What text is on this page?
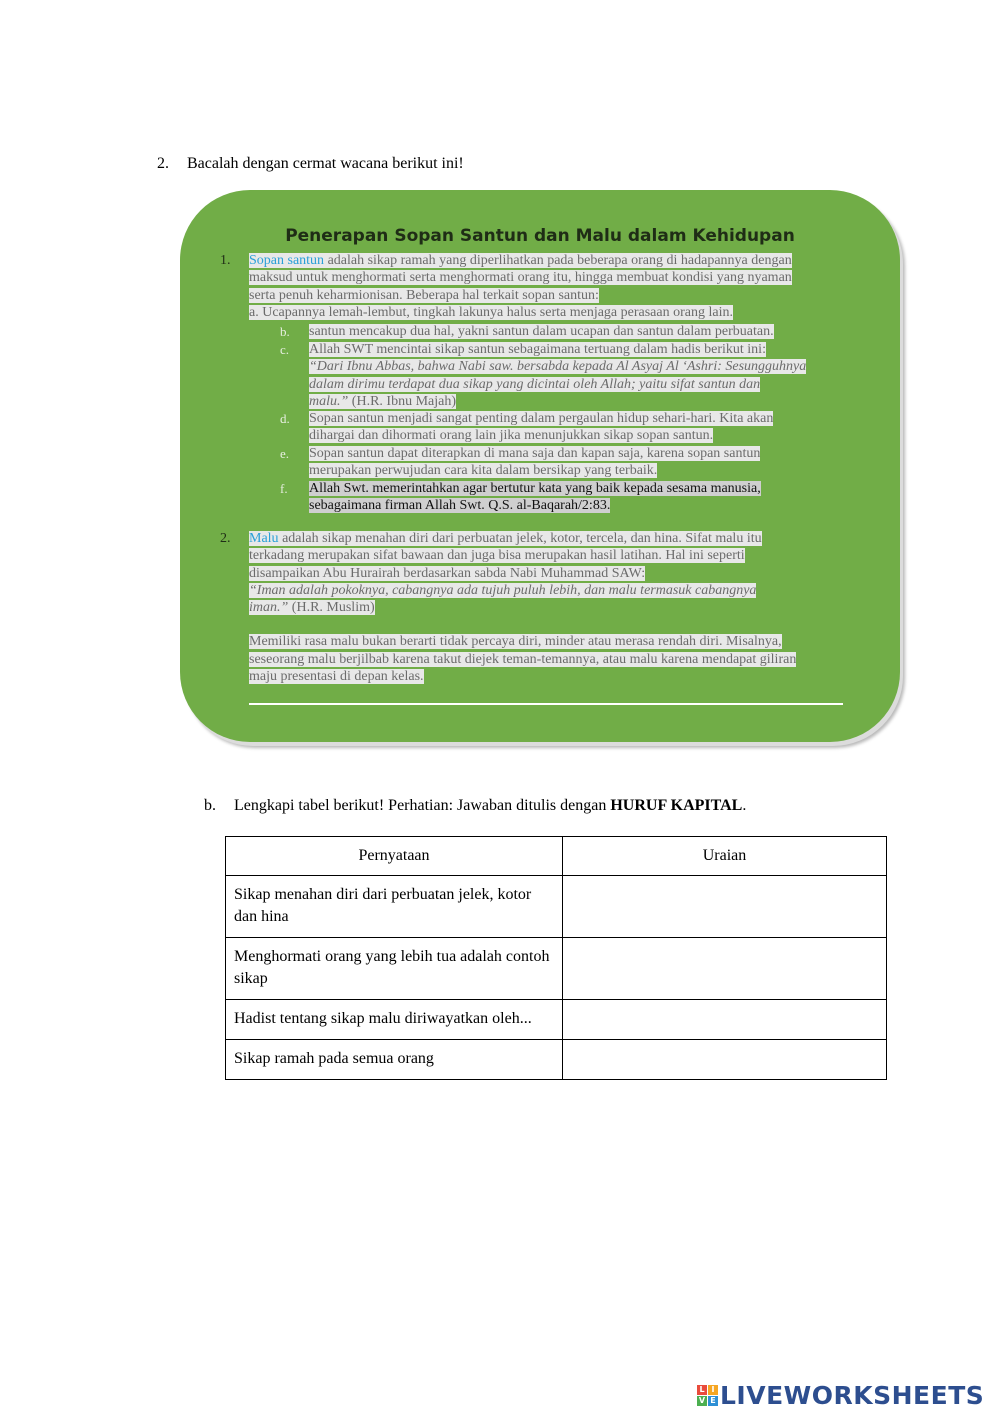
2. Bacalah dengan cermat wacana berikut ini!
Penerapan Sopan Santun dan Malu dalam Kehidupan
1. Sopan santun adalah sikap ramah yang diperlihatkan pada beberapa orang di hadapannya dengan
maksud untuk menghormati serta menghormati orang itu, hingga membuat kondisi yang nyaman
serta penuh keharmionisan. Beberapa hal terkait sopan santun:
a. Ucapannya lemah-lembut, tingkah lakunya halus serta menjaga perasaan orang lain.
b. santun mencakup dua hal, yakni santun dalam ucapan dan santun dalam perbuatan.
c. Allah SWT mencintai sikap santun sebagaimana tertuang dalam hadis berikut ini:
“Dari Ibnu Abbas, bahwa Nabi saw. bersabda kepada Al Asyaj Al ‘Ashri: Sesungguhnya
dalam dirimu terdapat dua sikap yang dicintai oleh Allah; yaitu sifat santun dan
malu.” (H.R. Ibnu Majah)
d. Sopan santun menjadi sangat penting dalam pergaulan hidup sehari-hari. Kita akan
dihargai dan dihormati orang lain jika menunjukkan sikap sopan santun.
e. Sopan santun dapat diterapkan di mana saja dan kapan saja, karena sopan santun
merupakan perwujudan cara kita dalam bersikap yang terbaik.
f. Allah Swt. memerintahkan agar bertutur kata yang baik kepada sesama manusia,
sebagaimana firman Allah Swt. Q.S. al-Baqarah/2:83.
2. Malu adalah sikap menahan diri dari perbuatan jelek, kotor, tercela, dan hina. Sifat malu itu
terkadang merupakan sifat bawaan dan juga bisa merupakan hasil latihan. Hal ini seperti
disampaikan Abu Hurairah berdasarkan sabda Nabi Muhammad SAW:
“Iman adalah pokoknya, cabangnya ada tujuh puluh lebih, dan malu termasuk cabangnya
iman.” (H.R. Muslim)
Memiliki rasa malu bukan berarti tidak percaya diri, minder atau merasa rendah diri. Misalnya,
seseorang malu berjilbab karena takut diejek teman-temannya, atau malu karena mendapat giliran
maju presentasi di depan kelas.
b. Lengkapi tabel berikut! Perhatian: Jawaban ditulis dengan HURUF KAPITAL.
Pernyataan	Uraian
Sikap menahan diri dari perbuatan jelek, kotor dan hina	
Menghormati orang yang lebih tua adalah contoh sikap	
Hadist tentang sikap malu diriwayatkan oleh...	
Sikap ramah pada semua orang	
L I
V E LIVEWORKSHEETS
